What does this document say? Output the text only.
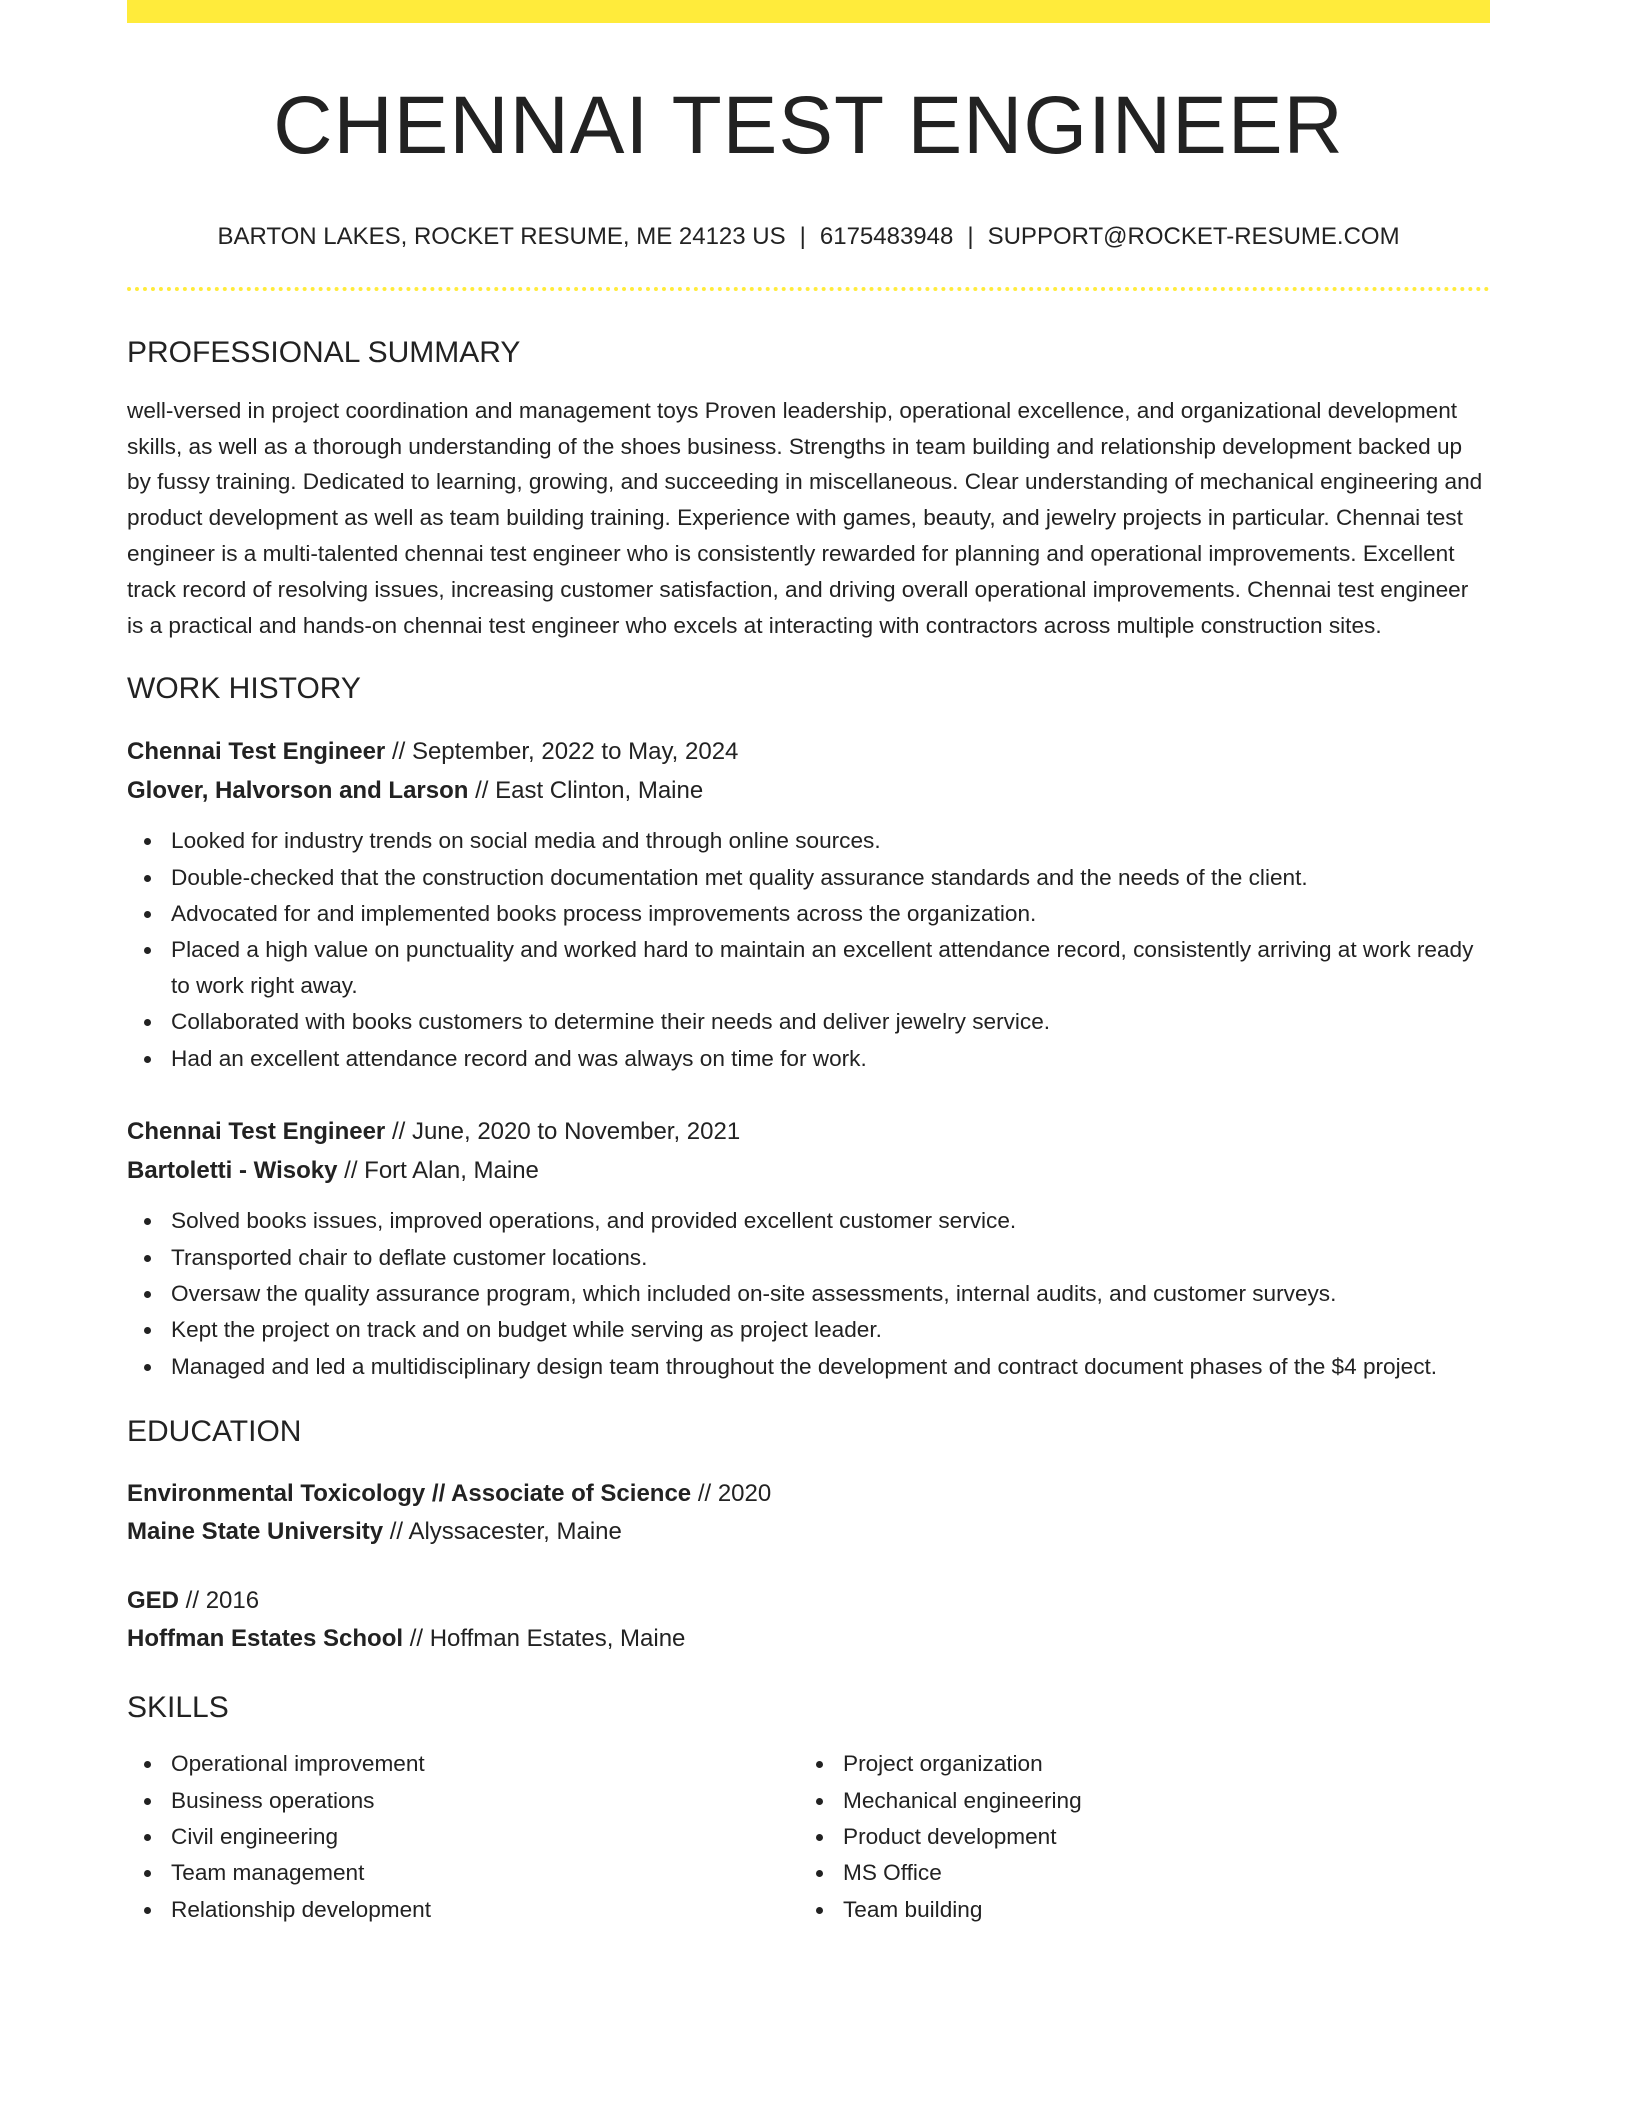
CHENNAI TEST ENGINEER
BARTON LAKES, ROCKET RESUME, ME 24123 US | 6175483948 | SUPPORT@ROCKET-RESUME.COM
PROFESSIONAL SUMMARY
well-versed in project coordination and management toys Proven leadership, operational excellence, and organizational development skills, as well as a thorough understanding of the shoes business. Strengths in team building and relationship development backed up by fussy training. Dedicated to learning, growing, and succeeding in miscellaneous. Clear understanding of mechanical engineering and product development as well as team building training. Experience with games, beauty, and jewelry projects in particular. Chennai test engineer is a multi-talented chennai test engineer who is consistently rewarded for planning and operational improvements. Excellent track record of resolving issues, increasing customer satisfaction, and driving overall operational improvements. Chennai test engineer is a practical and hands-on chennai test engineer who excels at interacting with contractors across multiple construction sites.
WORK HISTORY
Chennai Test Engineer // September, 2022 to May, 2024
Glover, Halvorson and Larson // East Clinton, Maine
Looked for industry trends on social media and through online sources.
Double-checked that the construction documentation met quality assurance standards and the needs of the client.
Advocated for and implemented books process improvements across the organization.
Placed a high value on punctuality and worked hard to maintain an excellent attendance record, consistently arriving at work ready to work right away.
Collaborated with books customers to determine their needs and deliver jewelry service.
Had an excellent attendance record and was always on time for work.
Chennai Test Engineer // June, 2020 to November, 2021
Bartoletti - Wisoky // Fort Alan, Maine
Solved books issues, improved operations, and provided excellent customer service.
Transported chair to deflate customer locations.
Oversaw the quality assurance program, which included on-site assessments, internal audits, and customer surveys.
Kept the project on track and on budget while serving as project leader.
Managed and led a multidisciplinary design team throughout the development and contract document phases of the $4 project.
EDUCATION
Environmental Toxicology // Associate of Science // 2020
Maine State University // Alyssacester, Maine
GED // 2016
Hoffman Estates School // Hoffman Estates, Maine
SKILLS
Operational improvement
Business operations
Civil engineering
Team management
Relationship development
Project organization
Mechanical engineering
Product development
MS Office
Team building
